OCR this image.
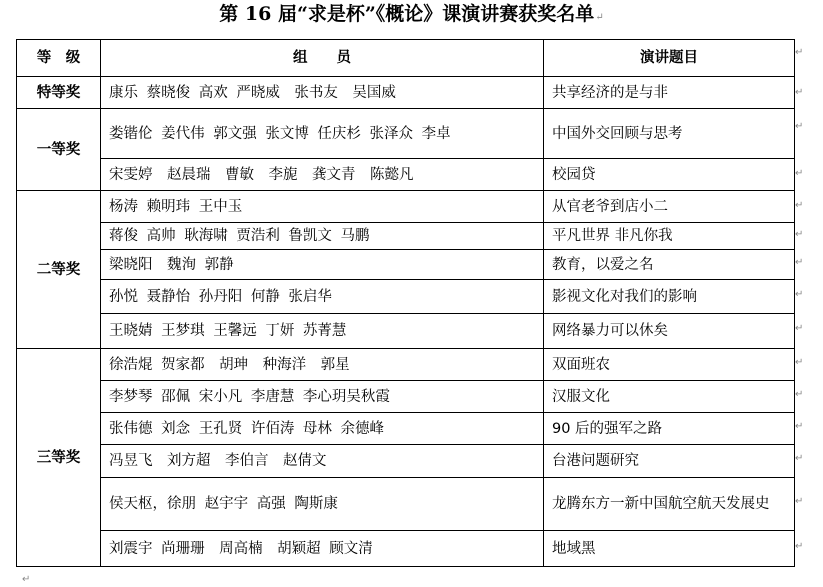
第 16 届“求是杯”《概论》课演讲赛获奖名单↵
等　级	组　　员	演讲题目
特等奖	康乐 蔡晓俊 高欢 严晓威　张书友　吴国威	共享经济的是与非
一等奖	娄锴伦 姜代伟 郭文强 张文博 任庆杉 张泽众 李卓	中国外交回顾与思考
	宋雯婷　赵晨瑞　曹敏　李旎　龚文青　陈懿凡	校园贷
二等奖	杨涛 赖明玮 王中玉	从官老爷到店小二
	蒋俊 高帅 耿海啸 贾浩利 鲁凯文 马鹏	平凡世界 非凡你我
	梁晓阳　魏洵 郭静	教育，以爱之名
	孙悦 聂静怡 孙丹阳 何静 张启华	影视文化对我们的影响
	王晓婧 王梦琪 王馨远 丁妍 苏菁慧	网络暴力可以休矣
三等奖	徐浩焜 贺家都　胡珅　种海洋　郭星	双面班农
	李梦琴 邵佩 宋小凡 李唐慧 李心玥吴秋霞	汉服文化
	张伟德 刘念 王孔贤 许佰涛 母林 余德峰	90 后的强军之路
	冯昱飞　刘方超　李伯言　赵倩文	台港问题研究
	侯天枢，徐朋 赵宇宇 高强 陶斯康	龙腾东方一新中国航空航天发展史
	刘震宇 尚珊珊　周高楠　胡颖超 顾文清	地域黑
↵
↵
↵
↵
↵
↵
↵
↵
↵
↵
↵
↵
↵
↵
↵
↵
